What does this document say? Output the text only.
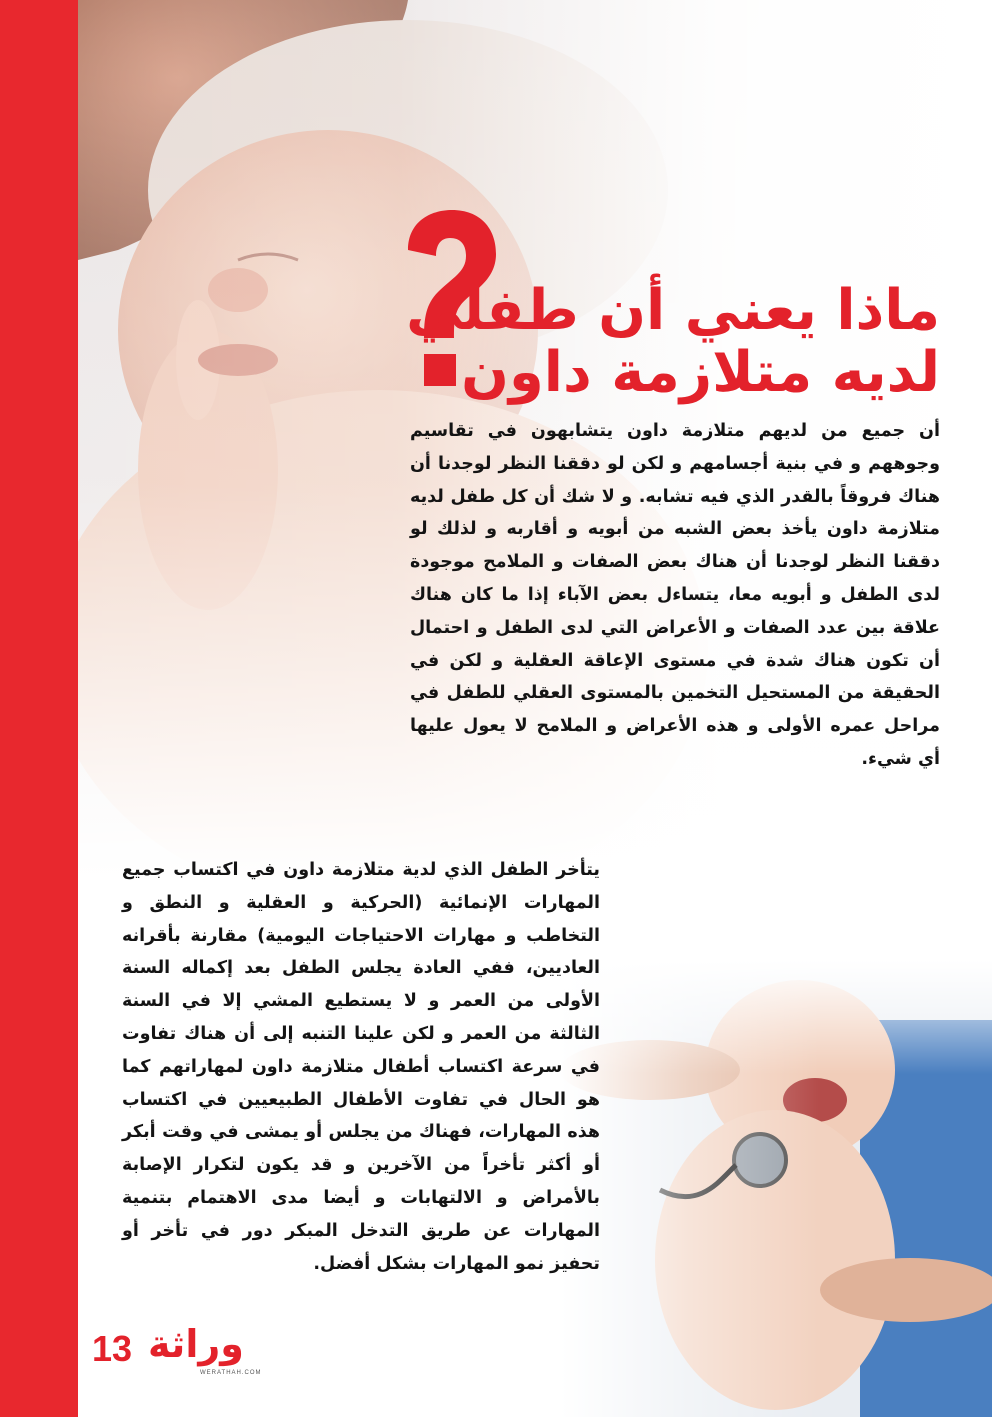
ماذا يعني أن طفلي
لديه متلازمة داون
أن جميع من لديهم متلازمة داون يتشابهون في تقاسيم وجوههم و في بنية أجسامهم و لكن لو دققنا النظر لوجدنا أن هناك فروقاً بالقدر الذي فيه تشابه. و لا شك أن كل طفل لديه متلازمة داون يأخذ بعض الشبه من أبويه و أقاربه و لذلك لو دققنا النظر لوجدنا أن هناك بعض الصفات و الملامح موجودة لدى الطفل و أبويه معا، يتساءل بعض الآباء إذا ما كان هناك علاقة بين عدد الصفات و الأعراض التي لدى الطفل و احتمال أن تكون هناك شدة في مستوى الإعاقة العقلية و لكن في الحقيقة من المستحيل التخمين بالمستوى العقلي للطفل في مراحل عمره الأولى و هذه الأعراض و الملامح لا يعول عليها أي شيء.
يتأخر الطفل الذي لدية متلازمة داون في اكتساب جميع المهارات الإنمائية (الحركية و العقلية و النطق و التخاطب و مهارات الاحتياجات اليومية) مقارنة بأقرانه العاديين، ففي العادة يجلس الطفل بعد إكماله السنة الأولى من العمر و لا يستطيع المشي إلا في السنة الثالثة من العمر و لكن علينا التنبه إلى أن هناك تفاوت في سرعة اكتساب أطفال متلازمة داون لمهاراتهم كما هو الحال في تفاوت الأطفال الطبيعيين في اكتساب هذه المهارات، فهناك من يجلس أو يمشى في وقت أبكر أو أكثر تأخراً من الآخرين و قد يكون لتكرار الإصابة بالأمراض و الالتهابات و أيضا مدى الاهتمام بتنمية المهارات عن طريق التدخل المبكر دور في تأخر أو تحفيز نمو المهارات بشكل أفضل.
13 وراثة
WERATHAH.COM
